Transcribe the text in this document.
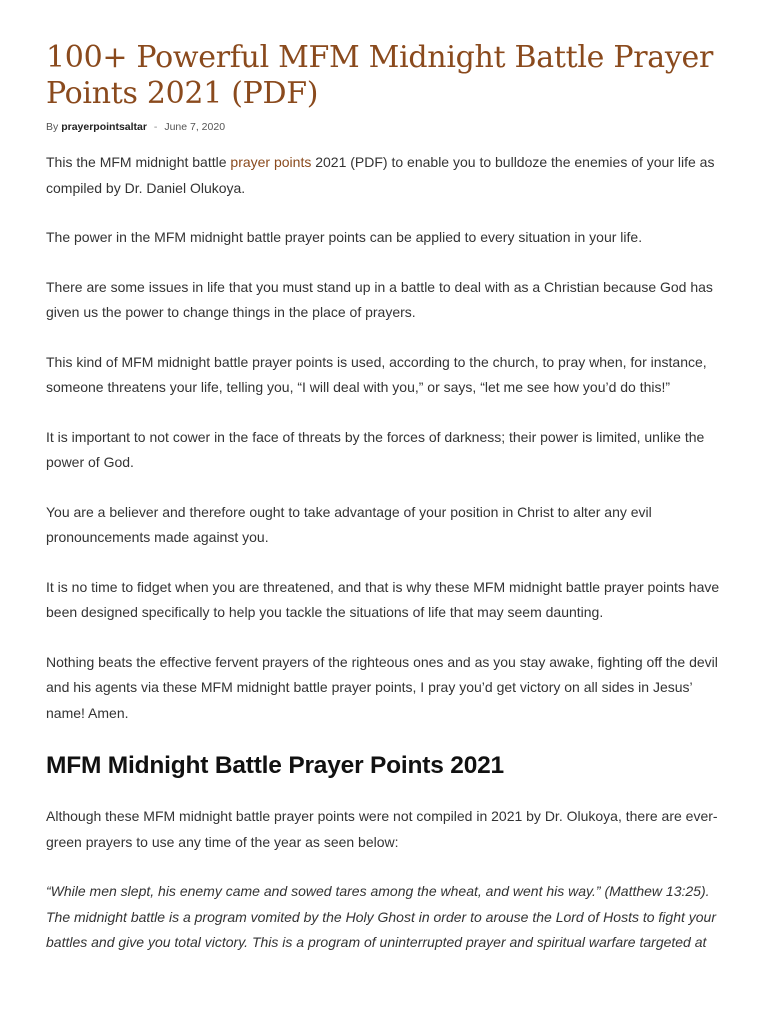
100+ Powerful MFM Midnight Battle Prayer Points 2021 (PDF)
By prayerpointsaltar - June 7, 2020

This the MFM midnight battle prayer points 2021 (PDF) to enable you to bulldoze the enemies of your life as compiled by Dr. Daniel Olukoya.

The power in the MFM midnight battle prayer points can be applied to every situation in your life.

There are some issues in life that you must stand up in a battle to deal with as a Christian because God has given us the power to change things in the place of prayers.

This kind of MFM midnight battle prayer points is used, according to the church, to pray when, for instance, someone threatens your life, telling you, “I will deal with you,” or says, “let me see how you’d do this!”

It is important to not cower in the face of threats by the forces of darkness; their power is limited, unlike the power of God.

You are a believer and therefore ought to take advantage of your position in Christ to alter any evil pronouncements made against you.

It is no time to fidget when you are threatened, and that is why these MFM midnight battle prayer points have been designed specifically to help you tackle the situations of life that may seem daunting.

Nothing beats the effective fervent prayers of the righteous ones and as you stay awake, fighting off the devil and his agents via these MFM midnight battle prayer points, I pray you’d get victory on all sides in Jesus’ name! Amen.

MFM Midnight Battle Prayer Points 2021

Although these MFM midnight battle prayer points were not compiled in 2021 by Dr. Olukoya, there are ever-green prayers to use any time of the year as seen below:

“While men slept, his enemy came and sowed tares among the wheat, and went his way.” (Matthew 13:25). The midnight battle is a program vomited by the Holy Ghost in order to arouse the Lord of Hosts to fight your battles and give you total victory. This is a program of uninterrupted prayer and spiritual warfare targeted at
